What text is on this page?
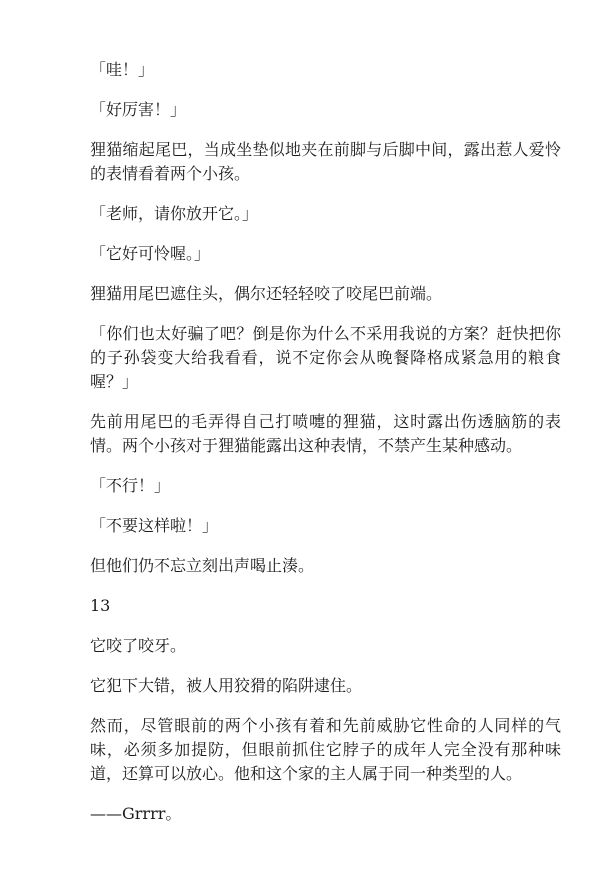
「哇！」

「好厉害！」

狸猫缩起尾巴，当成坐垫似地夹在前脚与后脚中间，露出惹人爱怜的表情看着两个小孩。

「老师，请你放开它。」

「它好可怜喔。」

狸猫用尾巴遮住头，偶尔还轻轻咬了咬尾巴前端。

「你们也太好骗了吧？倒是你为什么不采用我说的方案？赶快把你的子孙袋变大给我看看，说不定你会从晚餐降格成紧急用的粮食喔？」

先前用尾巴的毛弄得自己打喷嚏的狸猫，这时露出伤透脑筋的表情。两个小孩对于狸猫能露出这种表情，不禁产生某种感动。

「不行！」

「不要这样啦！」

但他们仍不忘立刻出声喝止湊。

13

它咬了咬牙。

它犯下大错，被人用狡猾的陷阱逮住。

然而，尽管眼前的两个小孩有着和先前威胁它性命的人同样的气味，必须多加提防，但眼前抓住它脖子的成年人完全没有那种味道，还算可以放心。他和这个家的主人属于同一种类型的人。

——Grrrr。
